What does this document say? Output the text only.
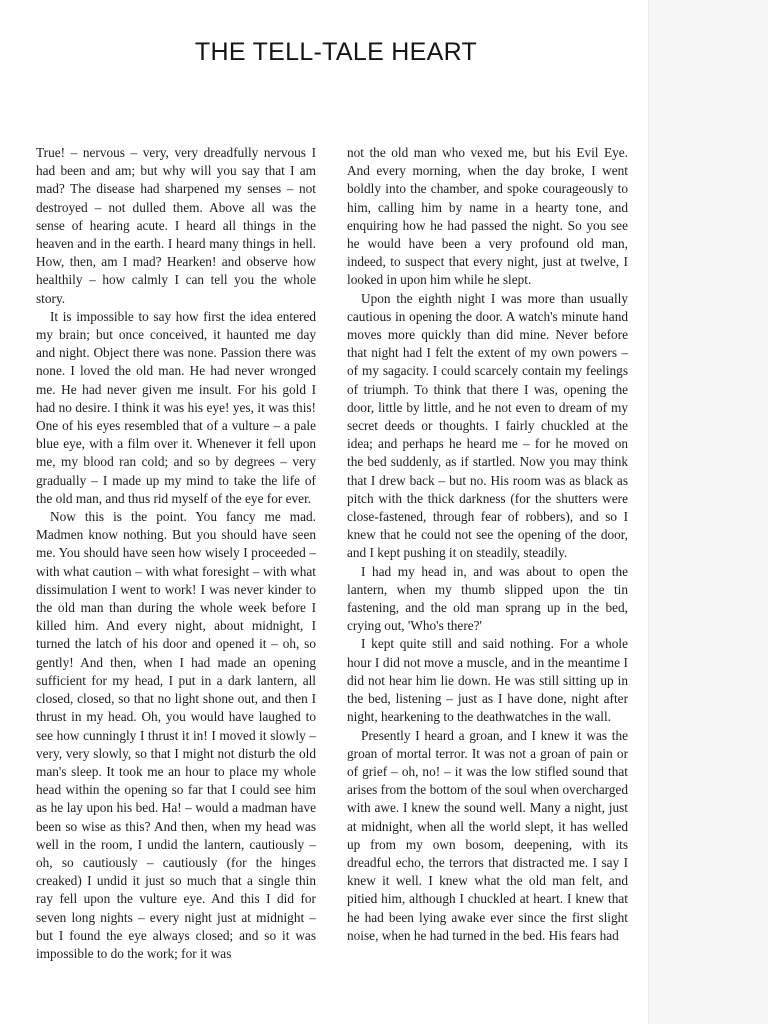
THE TELL-TALE HEART

True! – nervous – very, very dreadfully nervous I had been and am; but why will you say that I am mad? The disease had sharpened my senses – not destroyed – not dulled them. Above all was the sense of hearing acute. I heard all things in the heaven and in the earth. I heard many things in hell. How, then, am I mad? Hearken! and observe how healthily – how calmly I can tell you the whole story.

It is impossible to say how first the idea entered my brain; but once conceived, it haunted me day and night. Object there was none. Passion there was none. I loved the old man. He had never wronged me. He had never given me insult. For his gold I had no desire. I think it was his eye! yes, it was this! One of his eyes resembled that of a vulture – a pale blue eye, with a film over it. Whenever it fell upon me, my blood ran cold; and so by degrees – very gradually – I made up my mind to take the life of the old man, and thus rid myself of the eye for ever.

Now this is the point. You fancy me mad. Madmen know nothing. But you should have seen me. You should have seen how wisely I proceeded – with what caution – with what foresight – with what dissimulation I went to work! I was never kinder to the old man than during the whole week before I killed him. And every night, about midnight, I turned the latch of his door and opened it – oh, so gently! And then, when I had made an opening sufficient for my head, I put in a dark lantern, all closed, closed, so that no light shone out, and then I thrust in my head. Oh, you would have laughed to see how cunningly I thrust it in! I moved it slowly – very, very slowly, so that I might not disturb the old man's sleep. It took me an hour to place my whole head within the opening so far that I could see him as he lay upon his bed. Ha! – would a madman have been so wise as this? And then, when my head was well in the room, I undid the lantern, cautiously – oh, so cautiously – cautiously (for the hinges creaked) I undid it just so much that a single thin ray fell upon the vulture eye. And this I did for seven long nights – every night just at midnight – but I found the eye always closed; and so it was impossible to do the work; for it was

not the old man who vexed me, but his Evil Eye. And every morning, when the day broke, I went boldly into the chamber, and spoke courageously to him, calling him by name in a hearty tone, and enquiring how he had passed the night. So you see he would have been a very profound old man, indeed, to suspect that every night, just at twelve, I looked in upon him while he slept.

Upon the eighth night I was more than usually cautious in opening the door. A watch's minute hand moves more quickly than did mine. Never before that night had I felt the extent of my own powers – of my sagacity. I could scarcely contain my feelings of triumph. To think that there I was, opening the door, little by little, and he not even to dream of my secret deeds or thoughts. I fairly chuckled at the idea; and perhaps he heard me – for he moved on the bed suddenly, as if startled. Now you may think that I drew back – but no. His room was as black as pitch with the thick darkness (for the shutters were close-fastened, through fear of robbers), and so I knew that he could not see the opening of the door, and I kept pushing it on steadily, steadily.

I had my head in, and was about to open the lantern, when my thumb slipped upon the tin fastening, and the old man sprang up in the bed, crying out, 'Who's there?'

I kept quite still and said nothing. For a whole hour I did not move a muscle, and in the meantime I did not hear him lie down. He was still sitting up in the bed, listening – just as I have done, night after night, hearkening to the deathwatches in the wall.

Presently I heard a groan, and I knew it was the groan of mortal terror. It was not a groan of pain or of grief – oh, no! – it was the low stifled sound that arises from the bottom of the soul when overcharged with awe. I knew the sound well. Many a night, just at midnight, when all the world slept, it has welled up from my own bosom, deepening, with its dreadful echo, the terrors that distracted me. I say I knew it well. I knew what the old man felt, and pitied him, although I chuckled at heart. I knew that he had been lying awake ever since the first slight noise, when he had turned in the bed. His fears had
